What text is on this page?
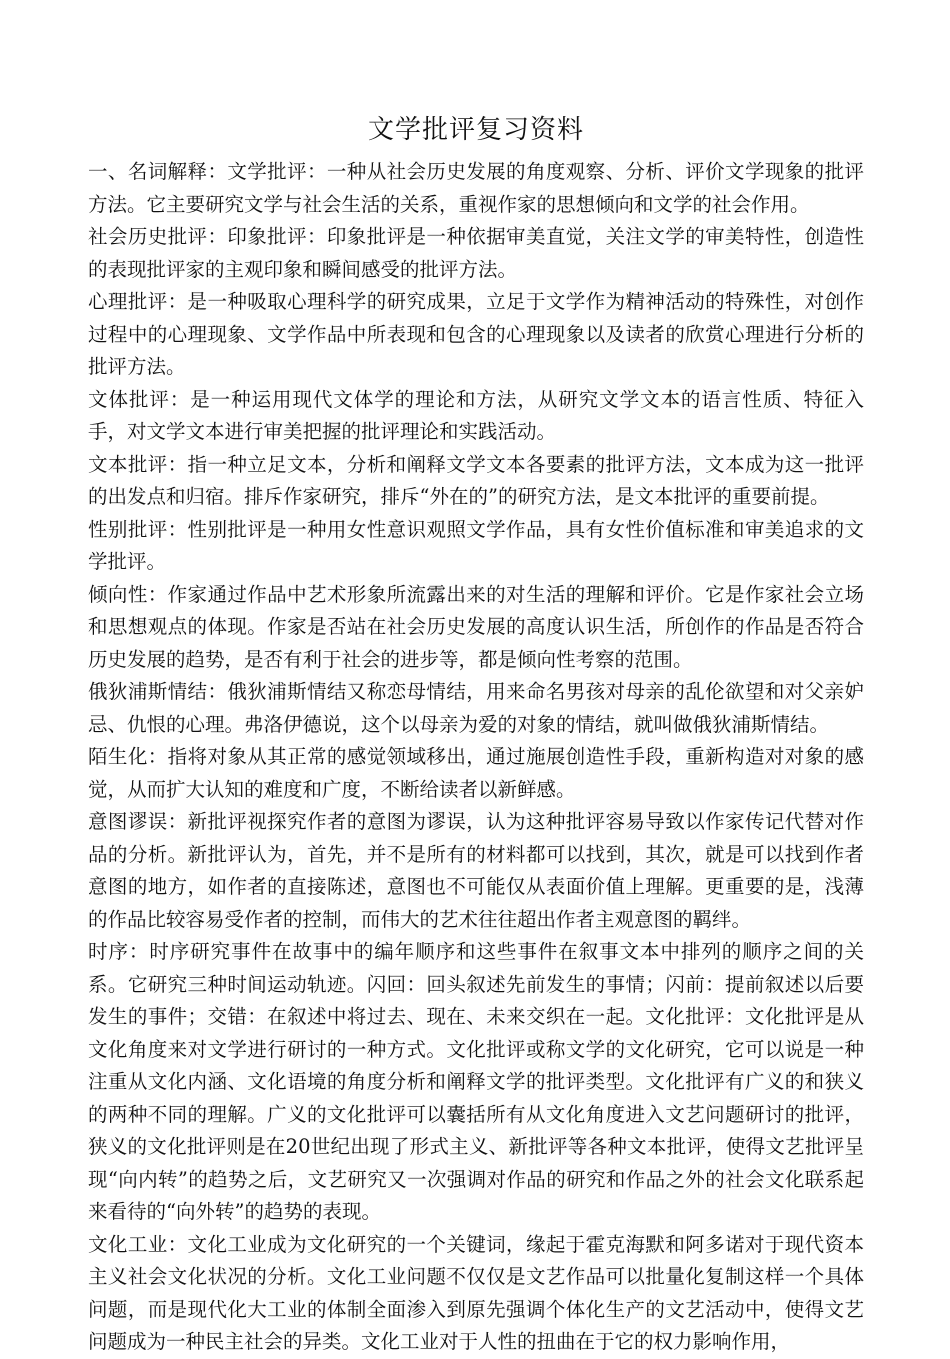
文学批评复习资料

一、名词解释：文学批评：一种从社会历史发展的角度观察、分析、评价文学现象的批评方法。它主要研究文学与社会生活的关系，重视作家的思想倾向和文学的社会作用。

社会历史批评：印象批评：印象批评是一种依据审美直觉，关注文学的审美特性，创造性的表现批评家的主观印象和瞬间感受的批评方法。

心理批评：是一种吸取心理科学的研究成果，立足于文学作为精神活动的特殊性，对创作过程中的心理现象、文学作品中所表现和包含的心理现象以及读者的欣赏心理进行分析的批评方法。

文体批评：是一种运用现代文体学的理论和方法，从研究文学文本的语言性质、特征入手，对文学文本进行审美把握的批评理论和实践活动。

文本批评：指一种立足文本，分析和阐释文学文本各要素的批评方法，文本成为这一批评的出发点和归宿。排斥作家研究，排斥“外在的”的研究方法，是文本批评的重要前提。

性别批评：性别批评是一种用女性意识观照文学作品，具有女性价值标准和审美追求的文学批评。

倾向性：作家通过作品中艺术形象所流露出来的对生活的理解和评价。它是作家社会立场和思想观点的体现。作家是否站在社会历史发展的高度认识生活，所创作的作品是否符合历史发展的趋势，是否有利于社会的进步等，都是倾向性考察的范围。

俄狄浦斯情结：俄狄浦斯情结又称恋母情结，用来命名男孩对母亲的乱伦欲望和对父亲妒忌、仇恨的心理。弗洛伊德说，这个以母亲为爱的对象的情结，就叫做俄狄浦斯情结。

陌生化：指将对象从其正常的感觉领域移出，通过施展创造性手段，重新构造对对象的感觉，从而扩大认知的难度和广度，不断给读者以新鲜感。

意图谬误：新批评视探究作者的意图为谬误，认为这种批评容易导致以作家传记代替对作品的分析。新批评认为，首先，并不是所有的材料都可以找到，其次，就是可以找到作者意图的地方，如作者的直接陈述，意图也不可能仅从表面价值上理解。更重要的是，浅薄的作品比较容易受作者的控制，而伟大的艺术往往超出作者主观意图的羁绊。

时序：时序研究事件在故事中的编年顺序和这些事件在叙事文本中排列的顺序之间的关系。它研究三种时间运动轨迹。闪回：回头叙述先前发生的事情；闪前：提前叙述以后要发生的事件；交错：在叙述中将过去、现在、未来交织在一起。文化批评：文化批评是从文化角度来对文学进行研讨的一种方式。文化批评或称文学的文化研究，它可以说是一种注重从文化内涵、文化语境的角度分析和阐释文学的批评类型。文化批评有广义的和狭义的两种不同的理解。广义的文化批评可以囊括所有从文化角度进入文艺问题研讨的批评，狭义的文化批评则是在20世纪出现了形式主义、新批评等各种文本批评，使得文艺批评呈现“向内转”的趋势之后，文艺研究又一次强调对作品的研究和作品之外的社会文化联系起来看待的“向外转”的趋势的表现。

文化工业：文化工业成为文化研究的一个关键词，缘起于霍克海默和阿多诺对于现代资本主义社会文化状况的分析。文化工业问题不仅仅是文艺作品可以批量化复制这样一个具体问题，而是现代化大工业的体制全面渗入到原先强调个体化生产的文艺活动中，使得文艺问题成为一种民主社会的异类。文化工业对于人性的扭曲在于它的权力影响作用，
